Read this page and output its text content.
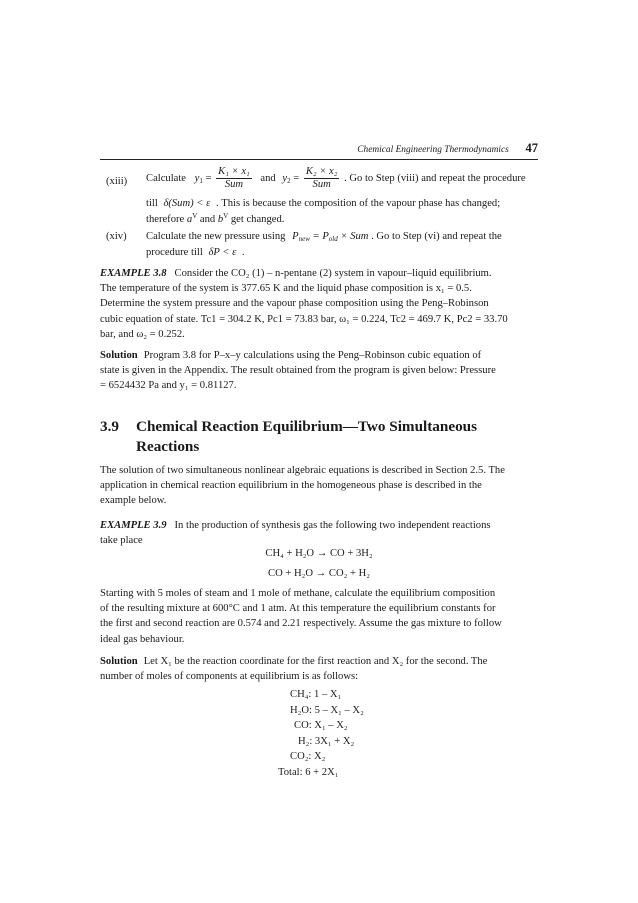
Chemical Engineering Thermodynamics 47
(xiii) Calculate $y_1 = \frac{\text{K₁ × x₁}}{\text{Sum}}$ and $y_2 = \frac{\text{K₂ × x₂}}{\text{Sum}}$ . Go to Step (viii) and repeat the procedure
till δ(Sum) < ε . This is because the composition of the vapour phase has changed;
therefore $a^V$ and $b^V$ get changed.
(xiv) Calculate the new pressure using $P_{new} = P_{old}$ × Sum . Go to Step (vi) and repeat the
procedure till δP < ε .
EXAMPLE 3.8 Consider the CO₂ (1) – n-pentane (2) system in vapour–liquid equilibrium.
The temperature of the system is 377.65 K and the liquid phase composition is x₁ = 0.5.
Determine the system pressure and the vapour phase composition using the Peng–Robinson
cubic equation of state. Tc1 = 304.2 K, Pc1 = 73.83 bar, ω₁ = 0.224, Tc2 = 469.7 K, Pc2 = 33.70
bar, and ω₂ = 0.252.
Solution Program 3.8 for P–x–y calculations using the Peng–Robinson cubic equation of
state is given in the Appendix. The result obtained from the program is given below: Pressure
= 6524432 Pa and y₁ = 0.81127.
3.9 Chemical Reaction Equilibrium—Two Simultaneous
Reactions
The solution of two simultaneous nonlinear algebraic equations is described in Section 2.5. The
application in chemical reaction equilibrium in the homogeneous phase is described in the
example below.
EXAMPLE 3.9 In the production of synthesis gas the following two independent reactions
take place
CH₄ + H₂O → CO + 3H₂
CO + H₂O → CO₂ + H₂
Starting with 5 moles of steam and 1 mole of methane, calculate the equilibrium composition
of the resulting mixture at 600°C and 1 atm. At this temperature the equilibrium constants for
the first and second reaction are 0.574 and 2.21 respectively. Assume the gas mixture to follow
ideal gas behaviour.
Solution Let X₁ be the reaction coordinate for the first reaction and X₂ for the second. The
number of moles of components at equilibrium is as follows:
CH₄: 1 – X₁
H₂O: 5 – X₁ – X₂
CO: X₁ – X₂
H₂: 3X₁ + X₂
CO₂: X₂
Total: 6 + 2X₁
